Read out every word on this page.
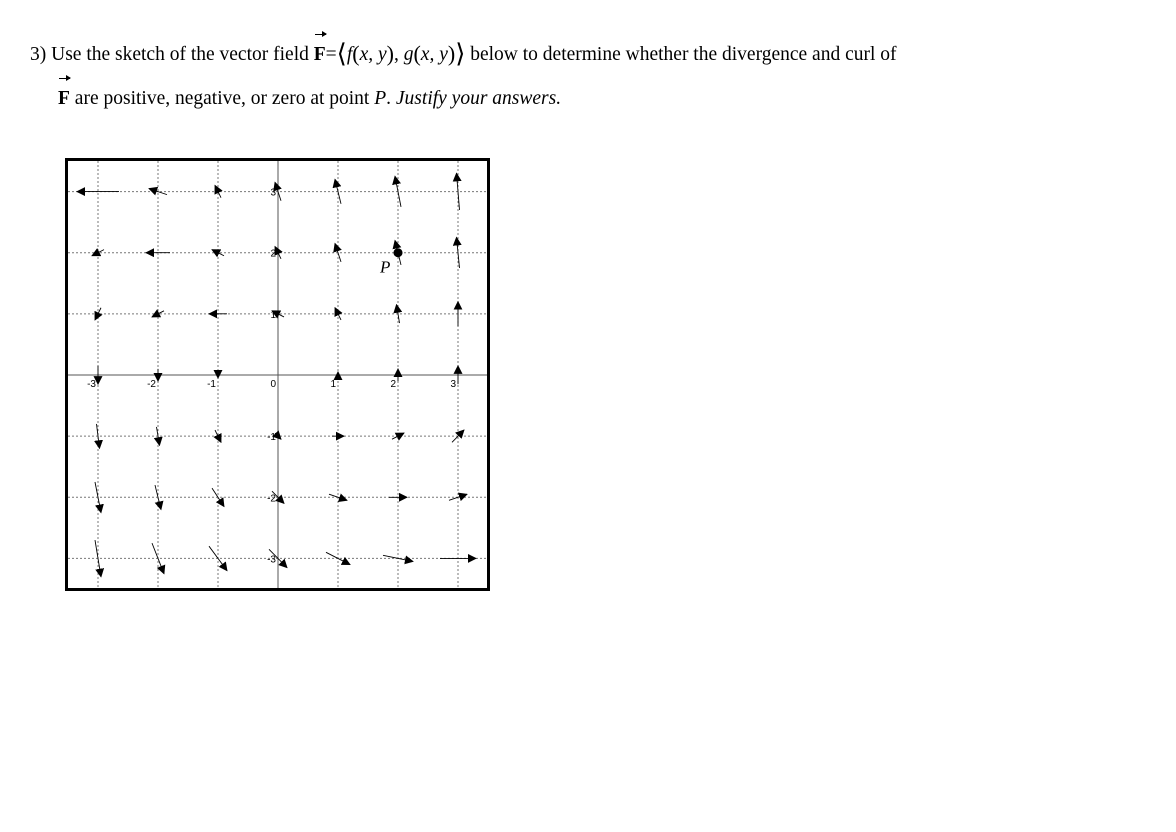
3) Use the sketch of the vector field F=⟨f(x, y), g(x, y)⟩ below to determine whether the divergence and curl of
F are positive, negative, or zero at point P. Justify your answers.
-3	-2	-1	0	1	2	3
3
2
1
-1
-2
-3
P
